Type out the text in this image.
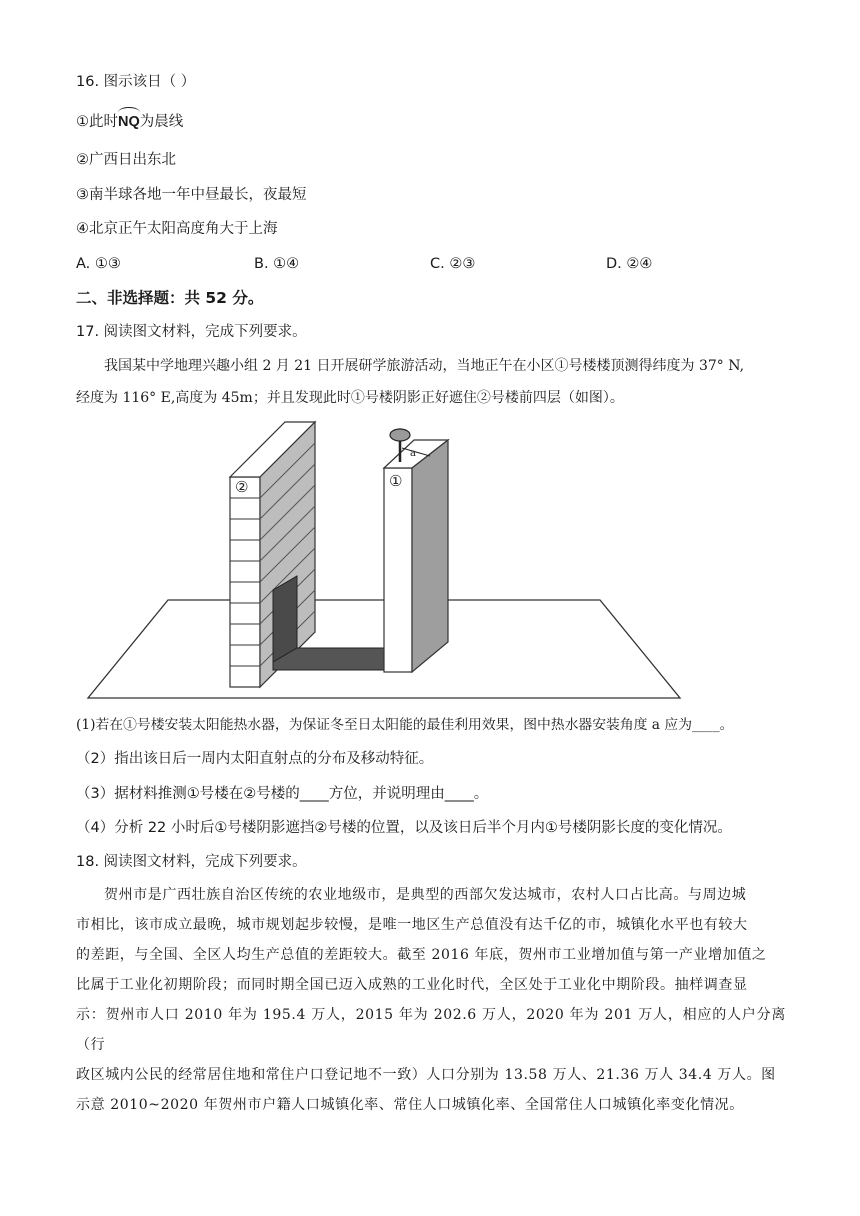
16. 图示该日（ ）
①此时NQ为晨线
②广西日出东北
③南半球各地一年中昼最长，夜最短
④北京正午太阳高度角大于上海
A. ①③	B. ①④	C. ②③	D. ②④
二、非选择题：共 52 分。
17. 阅读图文材料，完成下列要求。
我国某中学地理兴趣小组 2 月 21 日开展研学旅游活动，当地正午在小区①号楼楼顶测得纬度为 37° N,
经度为 116° E,高度为 45m；并且发现此时①号楼阴影正好遮住②号楼前四层（如图）。
②	①
a
(1)若在①号楼安装太阳能热水器，为保证冬至日太阳能的最佳利用效果，图中热水器安装角度 a 应为____。
（2）指出该日后一周内太阳直射点的分布及移动特征。
（3）据材料推测①号楼在②号楼的____方位，并说明理由____。
（4）分析 22 小时后①号楼阴影遮挡②号楼的位置，以及该日后半个月内①号楼阴影长度的变化情况。
18. 阅读图文材料，完成下列要求。
贺州市是广西壮族自治区传统的农业地级市，是典型的西部欠发达城市，农村人口占比高。与周边城
市相比，该市成立最晚，城市规划起步较慢，是唯一地区生产总值没有达千亿的市，城镇化水平也有较大
的差距，与全国、全区人均生产总值的差距较大。截至 2016 年底，贺州市工业增加值与第一产业增加值之
比属于工业化初期阶段；而同时期全国已迈入成熟的工业化时代，全区处于工业化中期阶段。抽样调查显
示：贺州市人口 2010 年为 195.4 万人，2015 年为 202.6 万人，2020 年为 201 万人，相应的人户分离（行
政区城内公民的经常居住地和常住户口登记地不一致）人口分别为 13.58 万人、21.36 万人 34.4 万人。图
示意 2010~2020 年贺州市户籍人口城镇化率、常住人口城镇化率、全国常住人口城镇化率变化情况。
